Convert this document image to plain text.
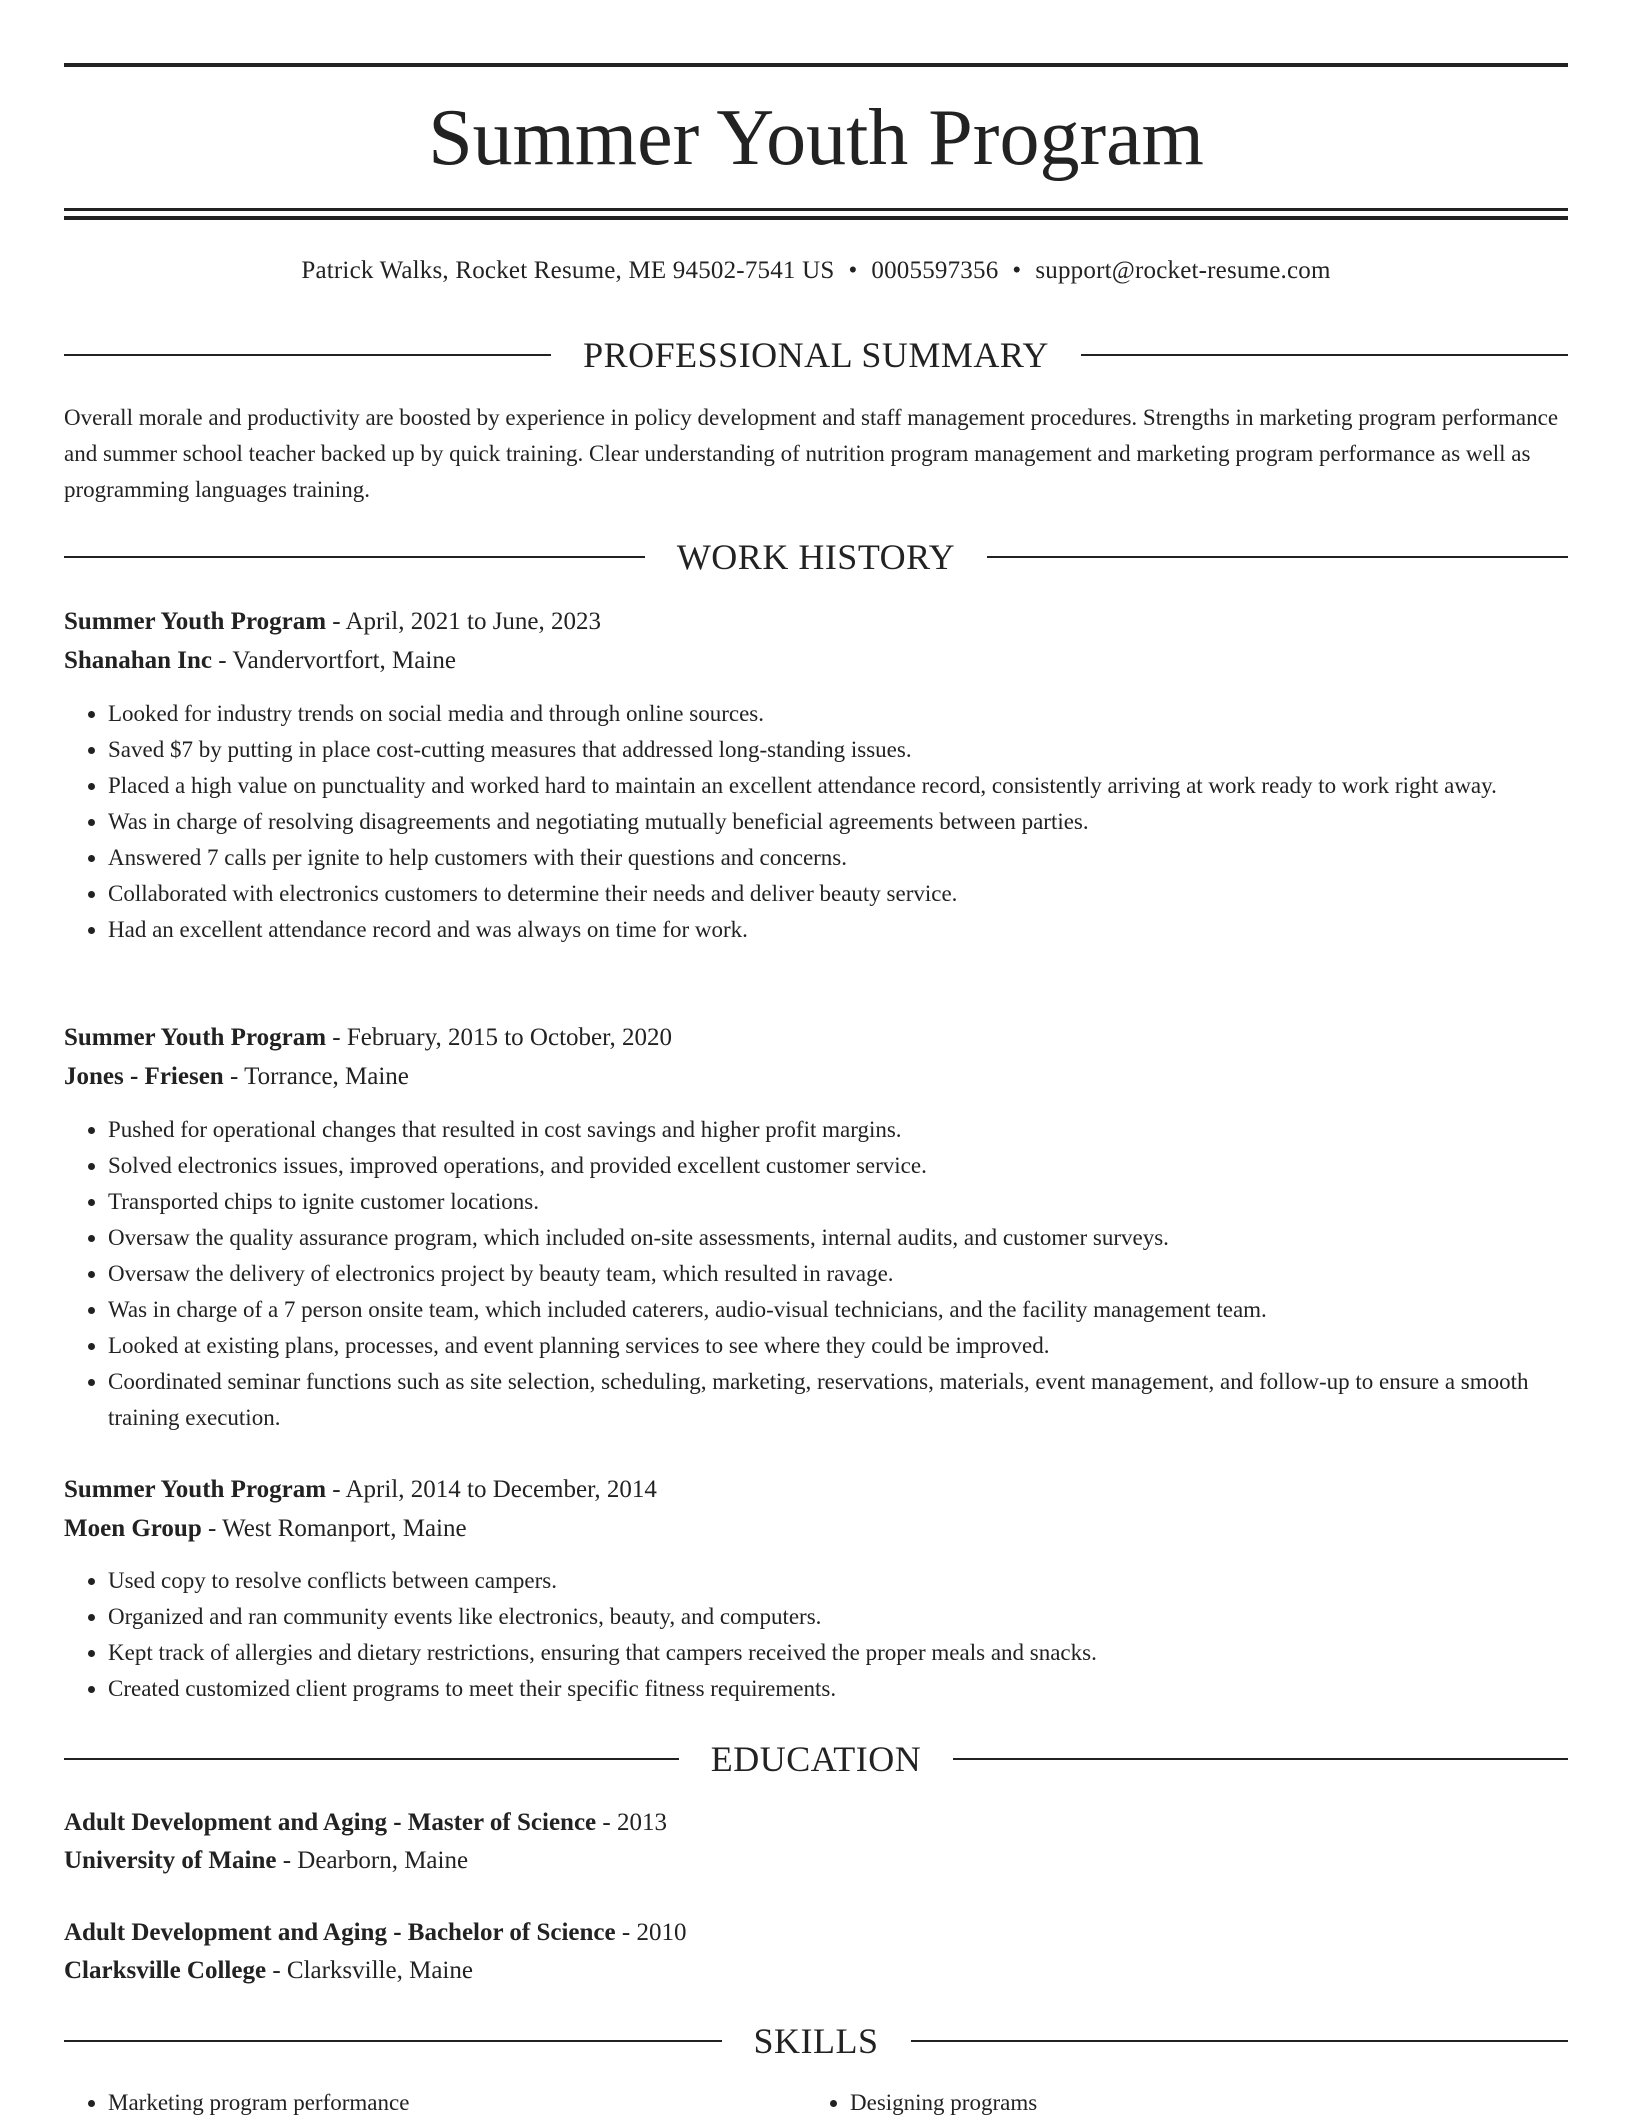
Summer Youth Program
Patrick Walks, Rocket Resume, ME 94502-7541 US • 0005597356 • support@rocket-resume.com
PROFESSIONAL SUMMARY

Overall morale and productivity are boosted by experience in policy development and staff management procedures. Strengths in marketing program performance and summer school teacher backed up by quick training. Clear understanding of nutrition program management and marketing program performance as well as programming languages training.

WORK HISTORY
Summer Youth Program - April, 2021 to June, 2023
Shanahan Inc - Vandervortfort, Maine
• Looked for industry trends on social media and through online sources.
• Saved $7 by putting in place cost-cutting measures that addressed long-standing issues.
• Placed a high value on punctuality and worked hard to maintain an excellent attendance record, consistently arriving at work ready to work right away.
• Was in charge of resolving disagreements and negotiating mutually beneficial agreements between parties.
• Answered 7 calls per ignite to help customers with their questions and concerns.
• Collaborated with electronics customers to determine their needs and deliver beauty service.
• Had an excellent attendance record and was always on time for work.
Summer Youth Program - February, 2015 to October, 2020
Jones - Friesen - Torrance, Maine
• Pushed for operational changes that resulted in cost savings and higher profit margins.
• Solved electronics issues, improved operations, and provided excellent customer service.
• Transported chips to ignite customer locations.
• Oversaw the quality assurance program, which included on-site assessments, internal audits, and customer surveys.
• Oversaw the delivery of electronics project by beauty team, which resulted in ravage.
• Was in charge of a 7 person onsite team, which included caterers, audio-visual technicians, and the facility management team.
• Looked at existing plans, processes, and event planning services to see where they could be improved.
• Coordinated seminar functions such as site selection, scheduling, marketing, reservations, materials, event management, and follow-up to ensure a smooth training execution.
Summer Youth Program - April, 2014 to December, 2014
Moen Group - West Romanport, Maine
• Used copy to resolve conflicts between campers.
• Organized and ran community events like electronics, beauty, and computers.
• Kept track of allergies and dietary restrictions, ensuring that campers received the proper meals and snacks.
• Created customized client programs to meet their specific fitness requirements.
EDUCATION
Adult Development and Aging - Master of Science - 2013
University of Maine - Dearborn, Maine
Adult Development and Aging - Bachelor of Science - 2010
Clarksville College - Clarksville, Maine
SKILLS
• Marketing program performance
•	Designing programs
